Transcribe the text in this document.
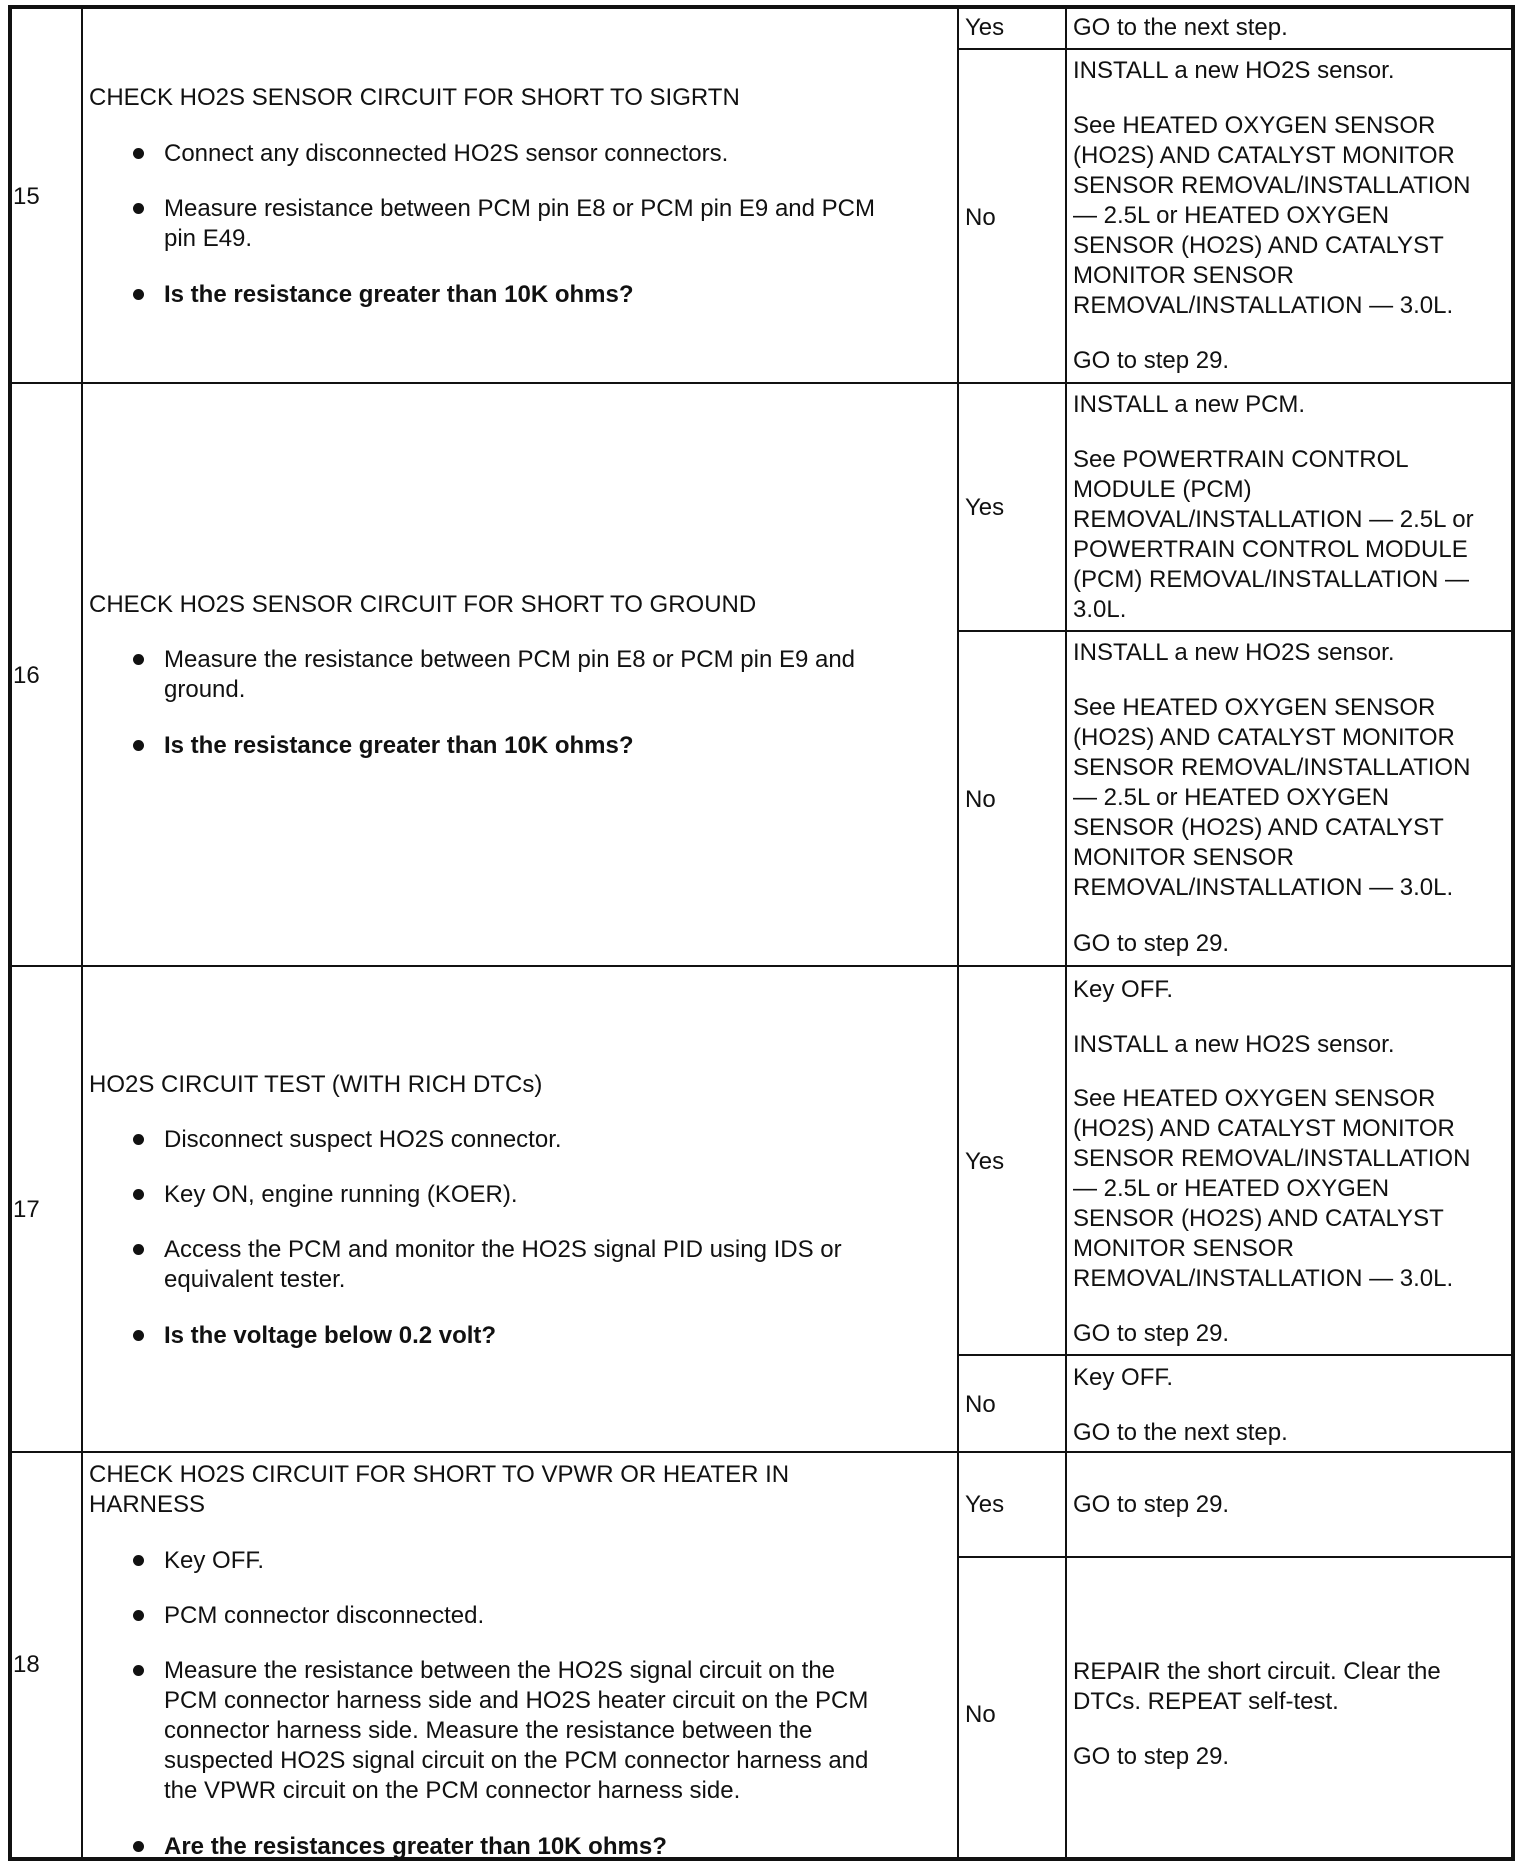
15
CHECK HO2S SENSOR CIRCUIT FOR SHORT TO SIGRTN
Connect any disconnected HO2S sensor connectors.
Measure resistance between PCM pin E8 or PCM pin E9 and PCM
pin E49.
Is the resistance greater than 10K ohms?
Yes	GO to the next step.
No
INSTALL a new HO2S sensor.
See HEATED OXYGEN SENSOR
(HO2S) AND CATALYST MONITOR
SENSOR REMOVAL/INSTALLATION
— 2.5L or HEATED OXYGEN
SENSOR (HO2S) AND CATALYST
MONITOR SENSOR
REMOVAL/INSTALLATION — 3.0L.
GO to step 29.
16
CHECK HO2S SENSOR CIRCUIT FOR SHORT TO GROUND
Measure the resistance between PCM pin E8 or PCM pin E9 and
ground.
Is the resistance greater than 10K ohms?
Yes
INSTALL a new PCM.
See POWERTRAIN CONTROL
MODULE (PCM)
REMOVAL/INSTALLATION — 2.5L or
POWERTRAIN CONTROL MODULE
(PCM) REMOVAL/INSTALLATION —
3.0L.
No
INSTALL a new HO2S sensor.
See HEATED OXYGEN SENSOR
(HO2S) AND CATALYST MONITOR
SENSOR REMOVAL/INSTALLATION
— 2.5L or HEATED OXYGEN
SENSOR (HO2S) AND CATALYST
MONITOR SENSOR
REMOVAL/INSTALLATION — 3.0L.
GO to step 29.
17
HO2S CIRCUIT TEST (WITH RICH DTCs)
Disconnect suspect HO2S connector.
Key ON, engine running (KOER).
Access the PCM and monitor the HO2S signal PID using IDS or
equivalent tester.
Is the voltage below 0.2 volt?
Yes
Key OFF.
INSTALL a new HO2S sensor.
See HEATED OXYGEN SENSOR
(HO2S) AND CATALYST MONITOR
SENSOR REMOVAL/INSTALLATION
— 2.5L or HEATED OXYGEN
SENSOR (HO2S) AND CATALYST
MONITOR SENSOR
REMOVAL/INSTALLATION — 3.0L.
GO to step 29.
No
Key OFF.
GO to the next step.
18
CHECK HO2S CIRCUIT FOR SHORT TO VPWR OR HEATER IN
HARNESS
Key OFF.
PCM connector disconnected.
Measure the resistance between the HO2S signal circuit on the
PCM connector harness side and HO2S heater circuit on the PCM
connector harness side. Measure the resistance between the
suspected HO2S signal circuit on the PCM connector harness and
the VPWR circuit on the PCM connector harness side.
Are the resistances greater than 10K ohms?
Yes	GO to step 29.
No
REPAIR the short circuit. Clear the
DTCs. REPEAT self-test.
GO to step 29.
